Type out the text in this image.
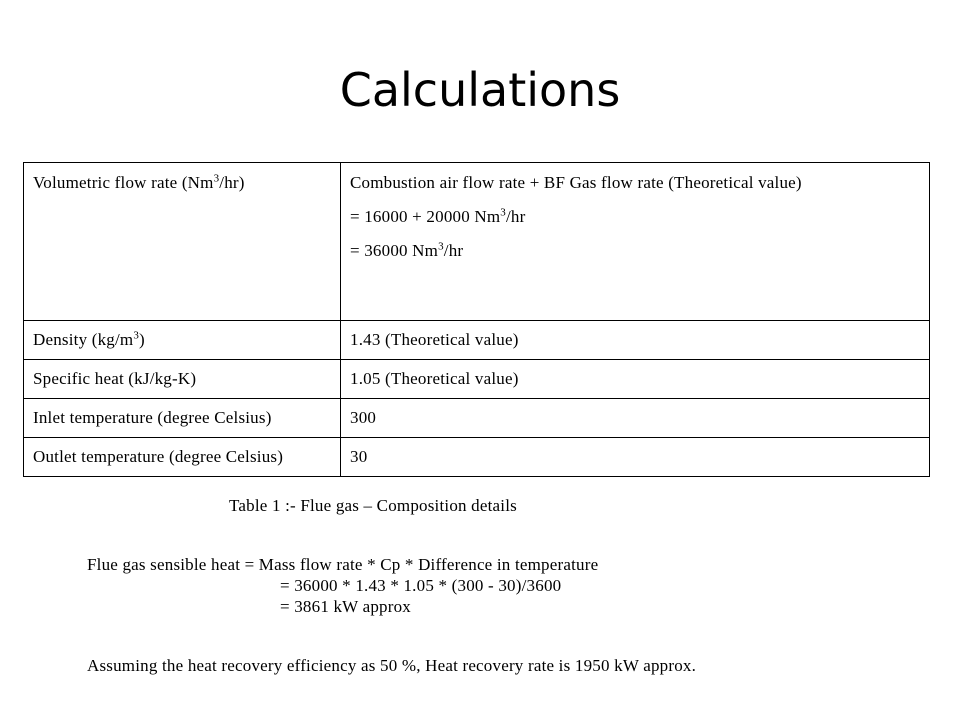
Calculations
Volumetric flow rate (Nm$^3$/hr)	Combustion air flow rate + BF Gas flow rate (Theoretical value)

= 16000 + 20000 Nm$^3$/hr

= 36000 Nm$^3$/hr

Density $(kg/m^3)$	1.43 (Theoretical value)
Specific heat (kJ/kg-K)	1.05 (Theoretical value)
Inlet temperature (degree Celsius)	300
Outlet temperature (degree Celsius)	30
Table 1 :- Flue gas – Composition details
Flue gas sensible heat = Mass flow rate * Cp * Difference in temperature
= 36000 * 1.43 * 1.05 * (300 - 30)/3600
= 3861 kW approx
Assuming the heat recovery efficiency as 50 %, Heat recovery rate is 1950 kW approx.
